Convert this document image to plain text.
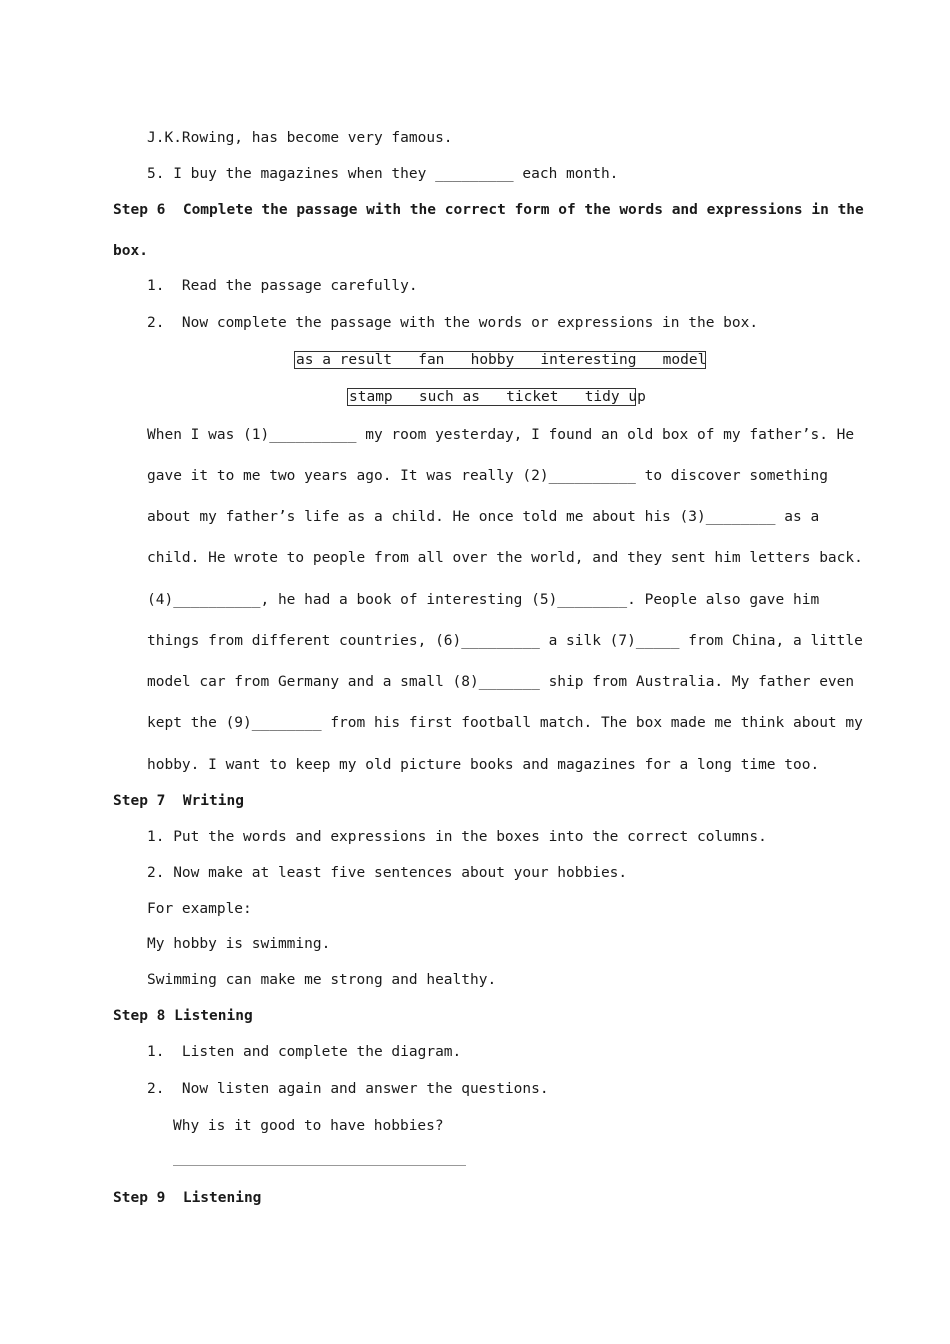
J.K.Rowing, has become very famous.
5. I buy the magazines when they _________ each month.
Step 6  Complete the passage with the correct form of the words and expressions in the
box.
1.  Read the passage carefully.
2.  Now complete the passage with the words or expressions in the box.
as a result   fan   hobby   interesting   model
stamp   such as   ticket   tidy up
When I was (1)__________ my room yesterday, I found an old box of my father’s. He
gave it to me two years ago. It was really (2)__________ to discover something
about my father’s life as a child. He once told me about his (3)________ as a
child. He wrote to people from all over the world, and they sent him letters back.
(4)__________, he had a book of interesting (5)________. People also gave him
things from different countries, (6)_________ a silk (7)_____ from China, a little
model car from Germany and a small (8)_______ ship from Australia. My father even
kept the (9)________ from his first football match. The box made me think about my
hobby. I want to keep my old picture books and magazines for a long time too.
Step 7  Writing
1. Put the words and expressions in the boxes into the correct columns.
2. Now make at least five sentences about your hobbies.
For example:
My hobby is swimming.
Swimming can make me strong and healthy.
Step 8 Listening
1.  Listen and complete the diagram.
2.  Now listen again and answer the questions.
Why is it good to have hobbies?
Step 9  Listening
